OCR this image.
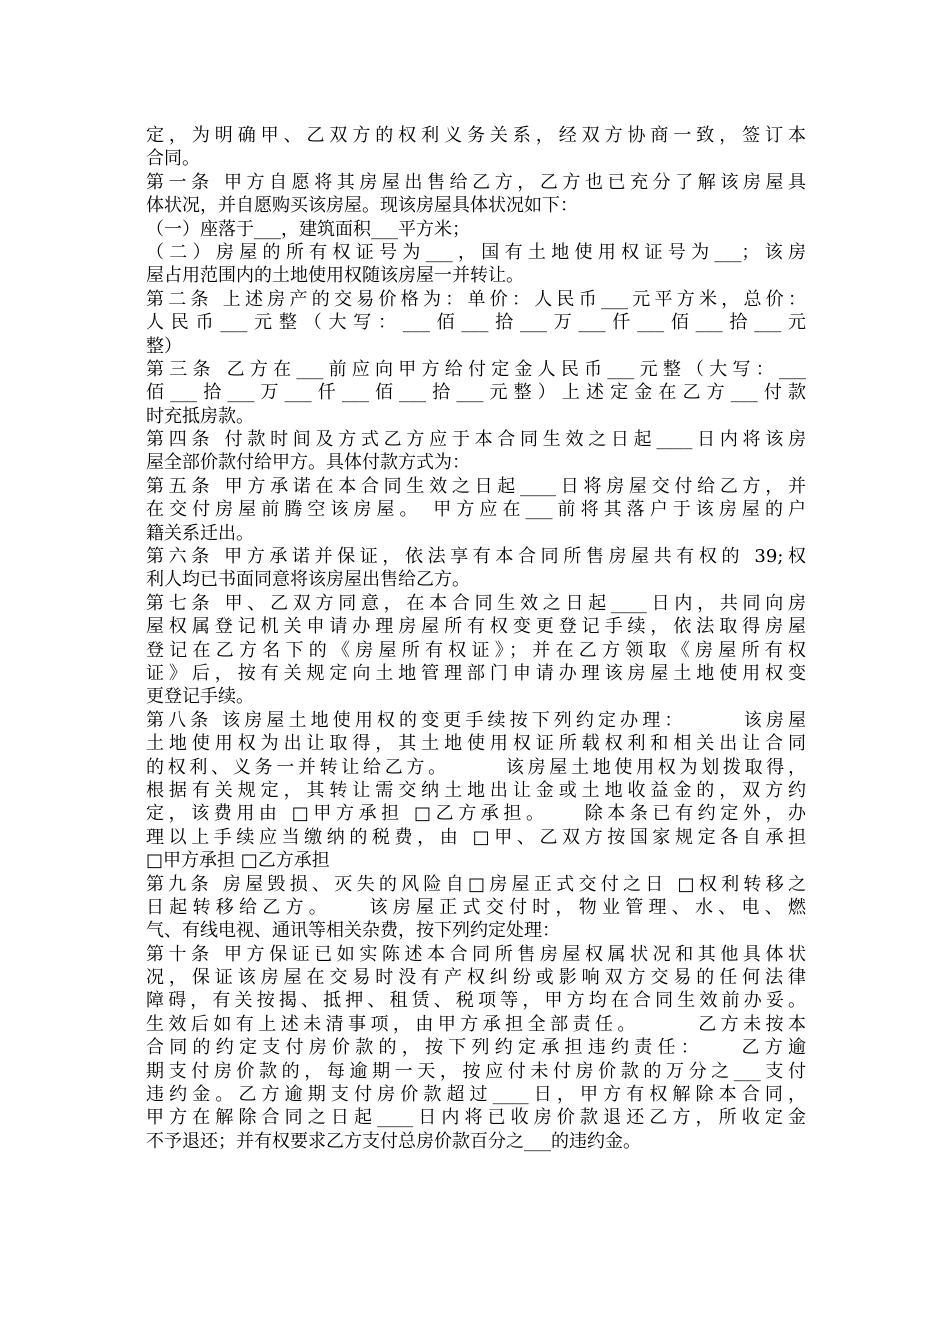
定，为明确甲、乙双方的权利义务关系，经双方协商一致，签订本
合同。
第一条 甲方自愿将其房屋出售给乙方，乙方也已充分了解该房屋具
体状况，并自愿购买该房屋。现该房屋具体状况如下：
（一）座落于___，建筑面积___平方米；
（二）房屋的所有权证号为___，国有土地使用权证号为___；该房
屋占用范围内的土地使用权随该房屋一并转让。
第二条 上述房产的交易价格为：单价：人民币___元平方米，总价：
人民币___元整（大写：___佰___拾___万___仟___佰___拾___元
整）
第三条 乙方在___前应向甲方给付定金人民币___元整（大写：___
佰___拾___万___仟___佰___拾___元整）上述定金在乙方___付款
时充抵房款。
第四条 付款时间及方式乙方应于本合同生效之日起____日内将该房
屋全部价款付给甲方。具体付款方式为：
第五条 甲方承诺在本合同生效之日起____日将房屋交付给乙方，并
在交付房屋前腾空该房屋。 甲方应在___前将其落户于该房屋的户
籍关系迁出。
第六条 甲方承诺并保证，依法享有本合同所售房屋共有权的 39;权
利人均已书面同意将该房屋出售给乙方。
第七条 甲、乙双方同意，在本合同生效之日起____日内，共同向房
屋权属登记机关申请办理房屋所有权变更登记手续，依法取得房屋
登记在乙方名下的《房屋所有权证》；并在乙方领取《房屋所有权
证》后，按有关规定向土地管理部门申请办理该房屋土地使用权变
更登记手续。
第八条 该房屋土地使用权的变更手续按下列约定办理：　　　该房屋
土地使用权为出让取得，其土地使用权证所载权利和相关出让合同
的权利、义务一并转让给乙方。　　　该房屋土地使用权为划拨取得，
根据有关规定，其转让需交纳土地出让金或土地收益金的，双方约
定，该费用由 □甲方承担 □乙方承担。　　除本条已有约定外，办
理以上手续应当缴纳的税费，由 □甲、乙双方按国家规定各自承担
□甲方承担 □乙方承担
第九条 房屋毁损、灭失的风险自□房屋正式交付之日 □权利转移之
日起转移给乙方。　　该房屋正式交付时，物业管理、水、电、燃
气、有线电视、通讯等相关杂费，按下列约定处理：
第十条 甲方保证已如实陈述本合同所售房屋权属状况和其他具体状
况，保证该房屋在交易时没有产权纠纷或影响双方交易的任何法律
障碍，有关按揭、抵押、租赁、税项等，甲方均在合同生效前办妥。
生效后如有上述未清事项，由甲方承担全部责任。　　　乙方未按本
合同的约定支付房价款的，按下列约定承担违约责任：　　乙方逾
期支付房价款的，每逾期一天，按应付未付房价款的万分之___支付
违约金。乙方逾期支付房价款超过____日，甲方有权解除本合同，
甲方在解除合同之日起____日内将已收房价款退还乙方，所收定金
不予退还；并有权要求乙方支付总房价款百分之___的违约金。
